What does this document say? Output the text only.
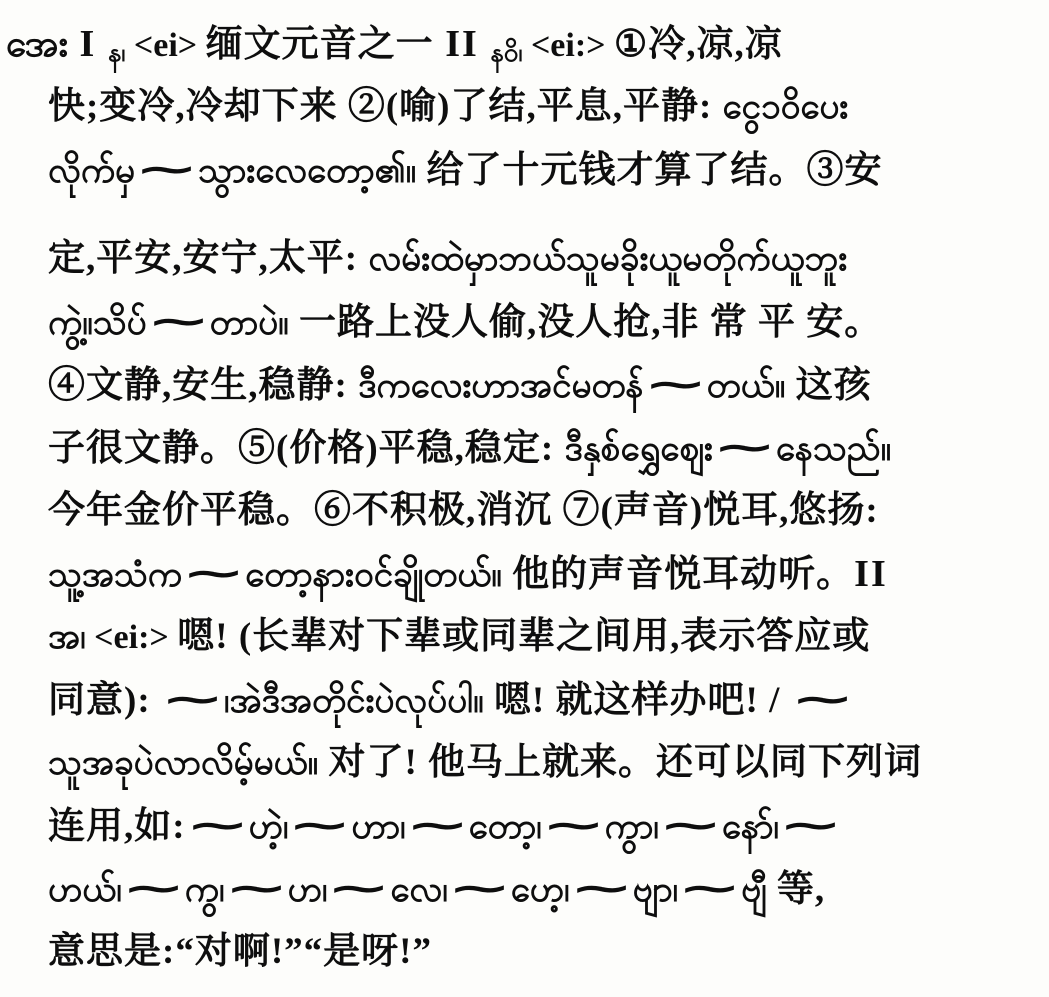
အေး I န၊ <ei> 缅文元音之一 II နဝိ၊ <ei:> ①冷,凉,凉
快;变冷,冷却下来 ②(喻)了结,平息,平静: ငွေ၁၀ိပေး
လိုက်မှ~သွားလေတော့၏။ 给了十元钱才算了结。③安
定,平安,安宁,太平: လမ်းထဲမှာဘယ်သူမခိုးယူမတိုက်ယူဘူး
ကွဲ့။သိပ်~တာပဲ။ 一路上没人偷,没人抢,非 常 平 安。
④文静,安生,稳静: ဒီကလေးဟာအင်မတန်~တယ်။ 这孩
子很文静。⑤(价格)平稳,稳定: ဒီနှစ်ရွှေဈေး~နေသည်။
今年金价平稳。⑥不积极,消沉 ⑦(声音)悦耳,悠扬:
သူ့အသံက~တော့နားဝင်ချိုတယ်။ 他的声音悦耳动听。II
အ၊ <ei:> 嗯! (长辈对下辈或同辈之间用,表示答应或
同意): ~၊အဲဒီအတိုင်းပဲလုပ်ပါ။ 嗯! 就这样办吧! / ~
သူအခုပဲလာလိမ့်မယ်။ 对了! 他马上就来。还可以同下列词
连用,如:~ဟဲ့၊~ဟာ၊~တော့၊~ကွာ၊~နော်၊~
ဟယ်၊~ကွ၊~ဟ၊~လေ၊~ဟေ့၊~ဗျာ၊~ဗျီ 等,
意思是:“对啊!”“是呀!”
